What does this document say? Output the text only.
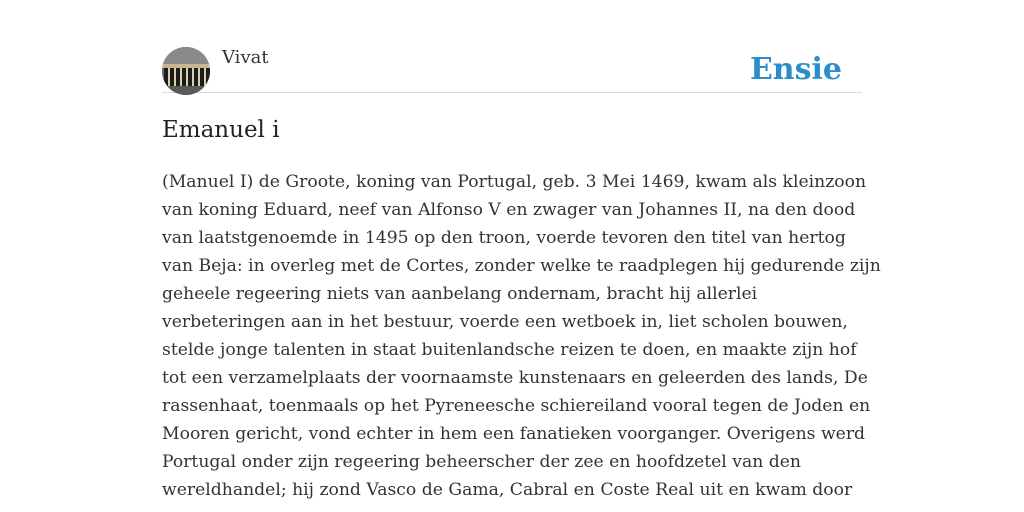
Vivat	Ensie
Emanuel i

(Manuel I) de Groote, koning van Portugal, geb. 3 Mei 1469, kwam als kleinzoon
van koning Eduard, neef van Alfonso V en zwager van Johannes II, na den dood
van laatstgenoemde in 1495 op den troon, voerde tevoren den titel van hertog
van Beja: in overleg met de Cortes, zonder welke te raadplegen hij gedurende zijn
geheele regeering niets van aanbelang ondernam, bracht hij allerlei
verbeteringen aan in het bestuur, voerde een wetboek in, liet scholen bouwen,
stelde jonge talenten in staat buitenlandsche reizen te doen, en maakte zijn hof
tot een verzamelplaats der voornaamste kunstenaars en geleerden des lands, De
rassenhaat, toenmaals op het Pyreneesche schiereiland vooral tegen de Joden en
Mooren gericht, vond echter in hem een fanatieken voorganger. Overigens werd
Portugal onder zijn regeering beheerscher der zee en hoofdzetel van den
wereldhandel; hij zond Vasco de Gama, Cabral en Coste Real uit en kwam door
